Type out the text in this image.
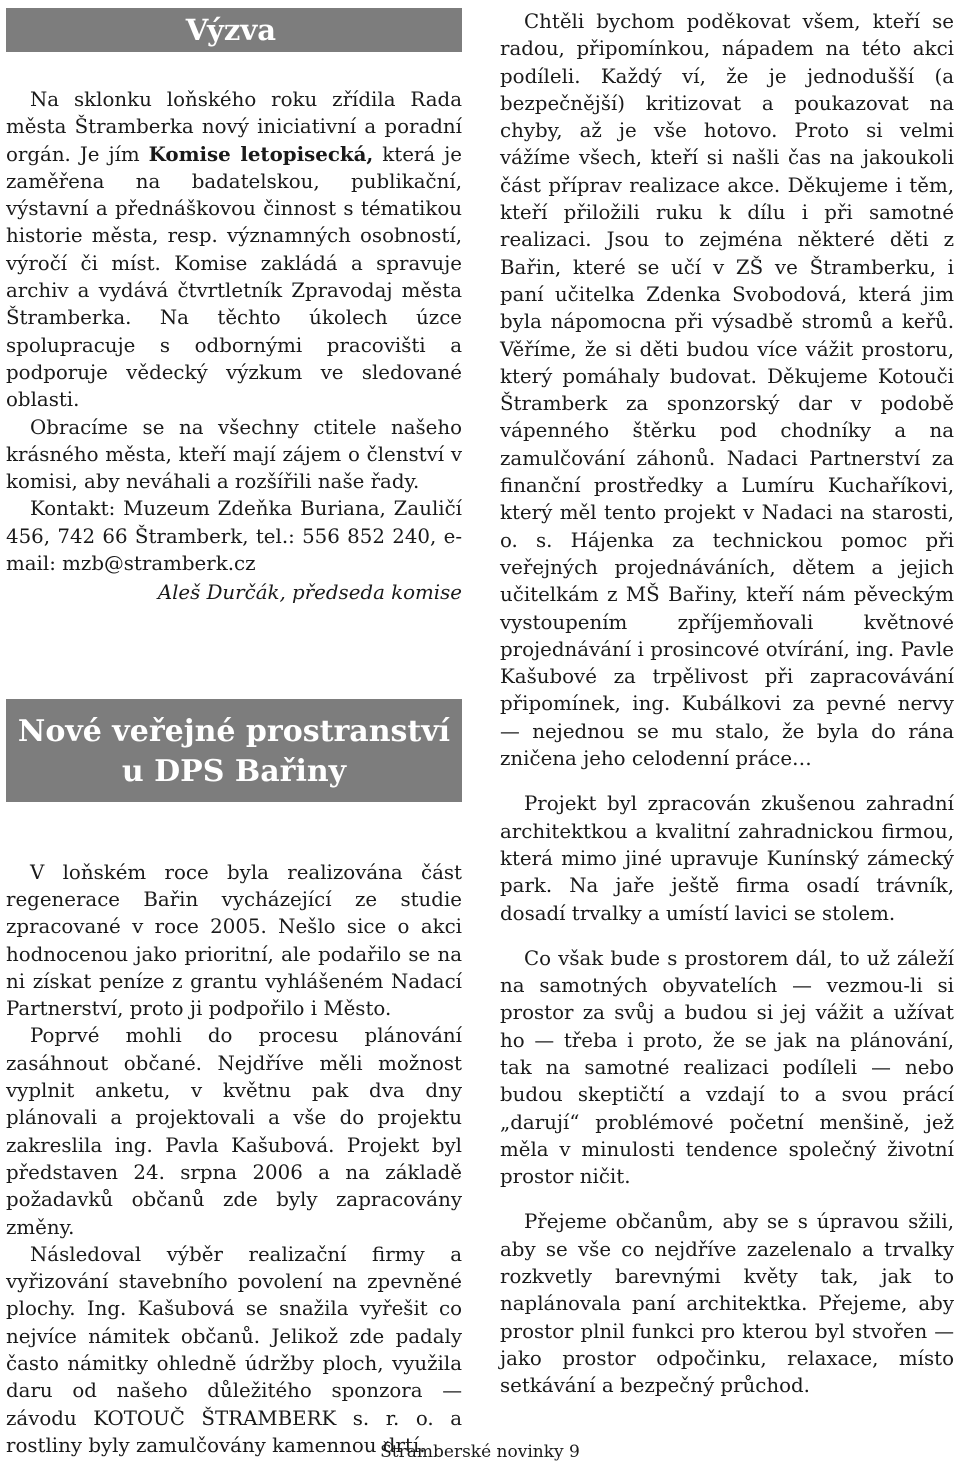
Výzva

Na sklonku loňského roku zřídila Rada města Štramberka nový iniciativní a poradní orgán. Je jím Komise letopisecká, která je zaměřena na badatelskou, publikační, výstavní a přednáškovou činnost s tématikou historie města, resp. významných osobností, výročí či míst. Komise zakládá a spravuje archiv a vydává čtvrtletník Zpravodaj města Štramberka. Na těchto úkolech úzce spolupracuje s odbornými pracovišti a podporuje vědecký výzkum ve sledované oblasti.

Obracíme se na všechny ctitele našeho krásného města, kteří mají zájem o členství v komisi, aby neváhali a rozšířili naše řady.

Kontakt: Muzeum Zdeňka Buriana, Zauličí 456, 742 66 Štramberk, tel.: 556 852 240, e-mail: mzb@stramberk.cz

Aleš Durčák, předseda komise

Nové veřejné prostranství
u DPS Bařiny

V loňském roce byla realizována část regenerace Bařin vycházející ze studie zpracované v roce 2005. Nešlo sice o akci hodnocenou jako prioritní, ale podařilo se na ni získat peníze z grantu vyhlášeném Nadací Partnerství, proto ji podpořilo i Město.

Poprvé mohli do procesu plánování zasáhnout občané. Nejdříve měli možnost vyplnit anketu, v květnu pak dva dny plánovali a projektovali a vše do projektu zakreslila ing. Pavla Kašubová. Projekt byl představen 24. srpna 2006 a na základě požadavků občanů zde byly zapracovány změny.

Následoval výběr realizační firmy a vyřizování stavebního povolení na zpevněné plochy. Ing. Kašubová se snažila vyřešit co nejvíce námitek občanů. Jelikož zde padaly často námitky ohledně údržby ploch, využila daru od našeho důležitého sponzora — závodu KOTOUČ ŠTRAMBERK s. r. o. a rostliny byly zamulčovány kamennou drtí.

Chtěli bychom poděkovat všem, kteří se radou, připomínkou, nápadem na této akci podíleli. Každý ví, že je jednodušší (a bezpečnější) kritizovat a poukazovat na chyby, až je vše hotovo. Proto si velmi vážíme všech, kteří si našli čas na jakoukoli část příprav realizace akce. Děkujeme i těm, kteří přiložili ruku k dílu i při samotné realizaci. Jsou to zejména některé děti z Bařin, které se učí v ZŠ ve Štramberku, i paní učitelka Zdenka Svobodová, která jim byla nápomocna při výsadbě stromů a keřů. Věříme, že si děti budou více vážit prostoru, který pomáhaly budovat. Děkujeme Kotouči Štramberk za sponzorský dar v podobě vápenného štěrku pod chodníky a na zamulčování záhonů. Nadaci Partnerství za finanční prostředky a Lumíru Kuchaříkovi, který měl tento projekt v Nadaci na starosti, o. s. Hájenka za technickou pomoc při veřejných projednáváních, dětem a jejich učitelkám z MŠ Bařiny, kteří nám pěveckým vystoupením zpříjemňovali květnové projednávání i prosincové otvírání, ing. Pavle Kašubové za trpělivost při zapracovávání připomínek, ing. Kubálkovi za pevné nervy — nejednou se mu stalo, že byla do rána zničena jeho celodenní práce…

Projekt byl zpracován zkušenou zahradní architektkou a kvalitní zahradnickou firmou, která mimo jiné upravuje Kunínský zámecký park. Na jaře ještě firma osadí trávník, dosadí trvalky a umístí lavici se stolem.

Co však bude s prostorem dál, to už záleží na samotných obyvatelích — vezmou-li si prostor za svůj a budou si jej vážit a užívat ho — třeba i proto, že se jak na plánování, tak na samotné realizaci podíleli — nebo budou skeptičtí a vzdají to a svou prácí „darují“ problémové početní menšině, jež měla v minulosti tendence společný životní prostor ničit.

Přejeme občanům, aby se s úpravou sžili, aby se vše co nejdříve zazelenalo a trvalky rozkvetly barevnými květy tak, jak to naplánovala paní architektka. Přejeme, aby prostor plnil funkci pro kterou byl stvořen — jako prostor odpočinku, relaxace, místo setkávání a bezpečný průchod.

Štramberské novinky 9
